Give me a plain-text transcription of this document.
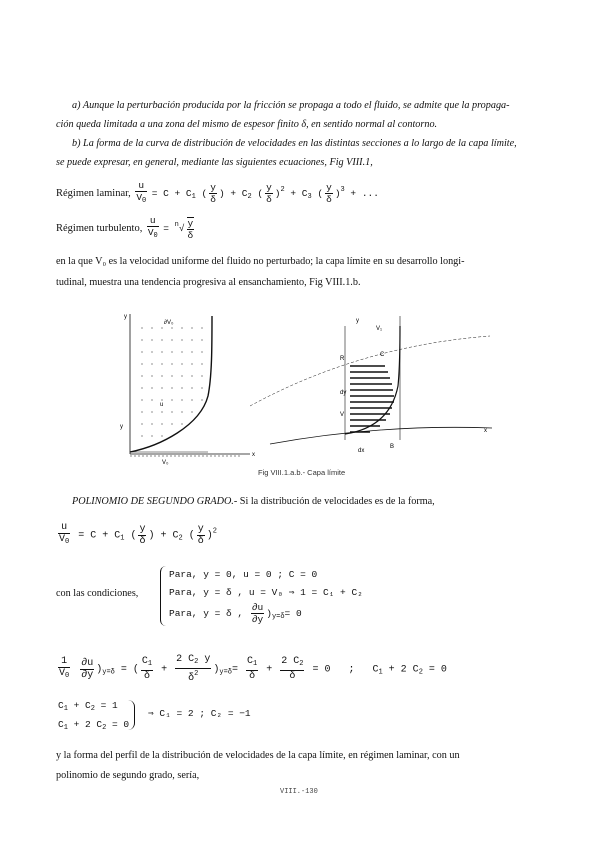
a) Aunque la perturbación producida por la fricción se propaga a todo el fluido, se admite que la propaga-
ción queda limitada a una zona del mismo de espesor finito δ, en sentido normal al contorno.
b) La forma de la curva de distribución de velocidades en las distintas secciones a lo largo de la capa límite,
se puede expresar, en general, mediante las siguientes ecuaciones, Fig VIII.1,
Régimen laminar, $\frac{u}{V_0} = C + C_1$ ( $\frac{y}{\delta}$ ) + $C_2$ ( $\frac{y}{\delta} )^2 + C_3$ ( $\frac{y}{\delta} )^3$ + ...
Régimen turbulento, $\frac{u}{V_0} = ^n√ \frac{y}{\delta}$
en la que V₀ es la velocidad uniforme del fluido no perturbado; la capa límite en su desarrollo longi-
tudinal, muestra una tendencia progresiva al ensanchamiento, Fig VIII.1.b.
y
x
V₀
y
u
∂V₀
R
C
dy
V
dx
B
x
y
V₁
Fig VIII.1.a.b.- Capa límite
POLINOMIO DE SEGUNDO GRADO.- Si la distribución de velocidades es de la forma,
$\frac{u}{V_0} = C + C_1$ ( $\frac{y}{\delta}$ ) + $C_2$ ( $\frac{y}{\delta} )^2$
con las condiciones,
Para, y = 0, u = 0 ; C = 0
Para, y = δ , u = V₀ ⇒ 1 = C₁ + C₂
Para, y = δ , $\frac{\partial u}{\partial y} )_{y=\delta}= 0$
$\frac{1}{V_0}$
$\frac{\partial u}{\partial y} )_{y=\delta}$ = ( $\frac{C_1}{\delta} + \frac{2 C_2 y}{\delta^2} )_{y=\delta}= \frac{C_1}{\delta} + \frac{2 C_2}{\delta} = 0$   ;   $C_1 + 2$ $C_2 = 0$
$C_1 + C_2 = 1$
$C_1 + 2$ $C_2 = 0$
⇒ C₁ = 2 ; C₂ = −1
y la forma del perfil de la distribución de velocidades de la capa límite, en régimen laminar, con un
polinomio de segundo grado, sería,
VIII.-130
